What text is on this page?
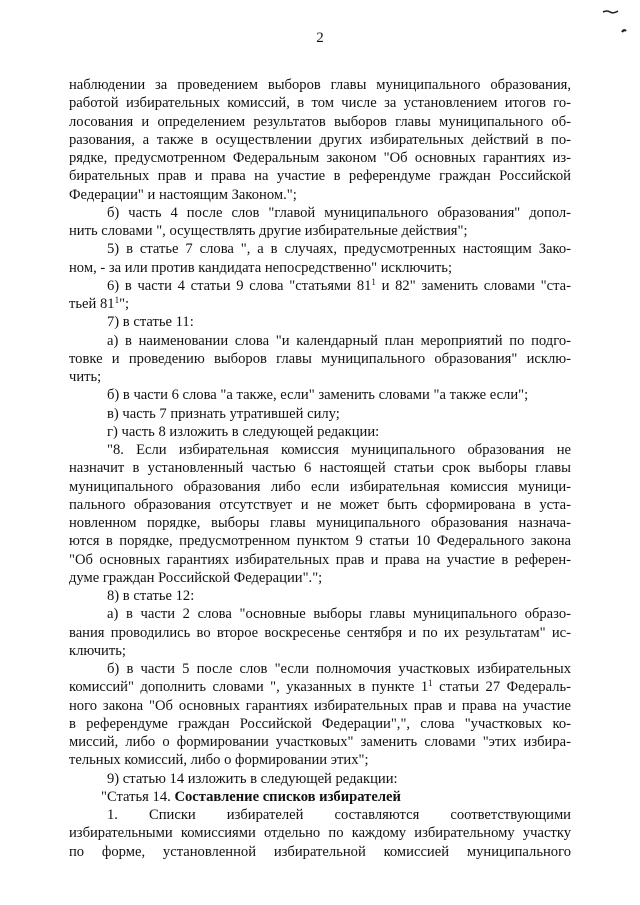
2
наблюдении за проведением выборов главы муниципального образования,
работой избирательных комиссий, в том числе за установлением итогов го-
лосования и определением результатов выборов главы муниципального об-
разования, а также в осуществлении других избирательных действий в по-
рядке, предусмотренном Федеральным законом "Об основных гарантиях из-
бирательных прав и права на участие в референдуме граждан Российской
Федерации" и настоящим Законом.";
б) часть 4 после слов "главой муниципального образования" допол-
нить словами ", осуществлять другие избирательные действия";
5) в статье 7 слова ", а в случаях, предусмотренных настоящим Зако-
ном, - за или против кандидата непосредственно" исключить;
6) в части 4 статьи 9 слова "статьями $81^1$ и 82" заменить словами "ста-
тьей $81^1$";
7) в статье 11:
а) в наименовании слова "и календарный план мероприятий по подго-
товке и проведению выборов главы муниципального образования" исклю-
чить;
б) в части 6 слова "а также, если" заменить словами "а также если";
в) часть 7 признать утратившей силу;
г) часть 8 изложить в следующей редакции:
"8. Если избирательная комиссия муниципального образования не
назначит в установленный частью 6 настоящей статьи срок выборы главы
муниципального образования либо если избирательная комиссия муници-
пального образования отсутствует и не может быть сформирована в уста-
новленном порядке, выборы главы муниципального образования назнача-
ются в порядке, предусмотренном пунктом 9 статьи 10 Федерального закона
"Об основных гарантиях избирательных прав и права на участие в референ-
думе граждан Российской Федерации".";
8) в статье 12:
а) в части 2 слова "основные выборы главы муниципального образо-
вания проводились во второе воскресенье сентября и по их результатам" ис-
ключить;
б) в части 5 после слов "если полномочия участковых избирательных
комиссий" дополнить словами ", указанных в пункте $1^1$ статьи 27 Федераль-
ного закона "Об основных гарантиях избирательных прав и права на участие
в референдуме граждан Российской Федерации",", слова "участковых ко-
миссий, либо о формировании участковых" заменить словами "этих избира-
тельных комиссий, либо о формировании этих";
9) статью 14 изложить в следующей редакции:
"Статья 14. Составление списков избирателей
1. Списки избирателей составляются соответствующими
избирательными комиссиями отдельно по каждому избирательному участку
по форме, установленной избирательной комиссией муниципального
